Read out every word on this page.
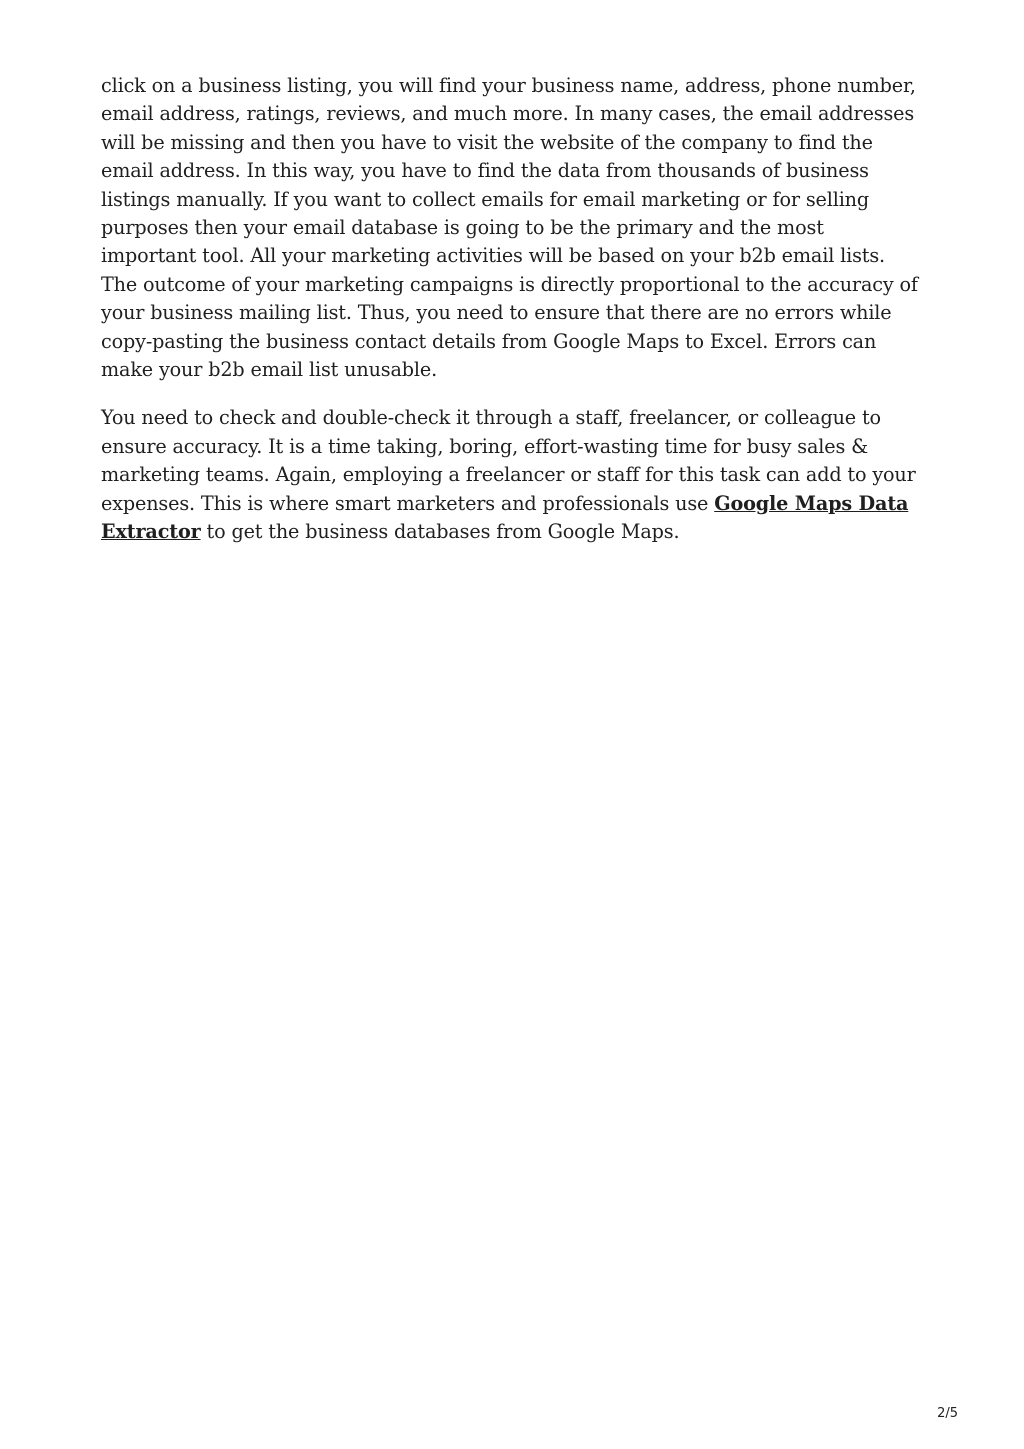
click on a business listing, you will find your business name, address, phone number, email address, ratings, reviews, and much more. In many cases, the email addresses will be missing and then you have to visit the website of the company to find the email address. In this way, you have to find the data from thousands of business listings manually. If you want to collect emails for email marketing or for selling purposes then your email database is going to be the primary and the most important tool. All your marketing activities will be based on your b2b email lists. The outcome of your marketing campaigns is directly proportional to the accuracy of your business mailing list. Thus, you need to ensure that there are no errors while copy-pasting the business contact details from Google Maps to Excel. Errors can make your b2b email list unusable.

You need to check and double-check it through a staff, freelancer, or colleague to ensure accuracy. It is a time taking, boring, effort-wasting time for busy sales & marketing teams. Again, employing a freelancer or staff for this task can add to your expenses. This is where smart marketers and professionals use Google Maps Data Extractor to get the business databases from Google Maps.

2/5
